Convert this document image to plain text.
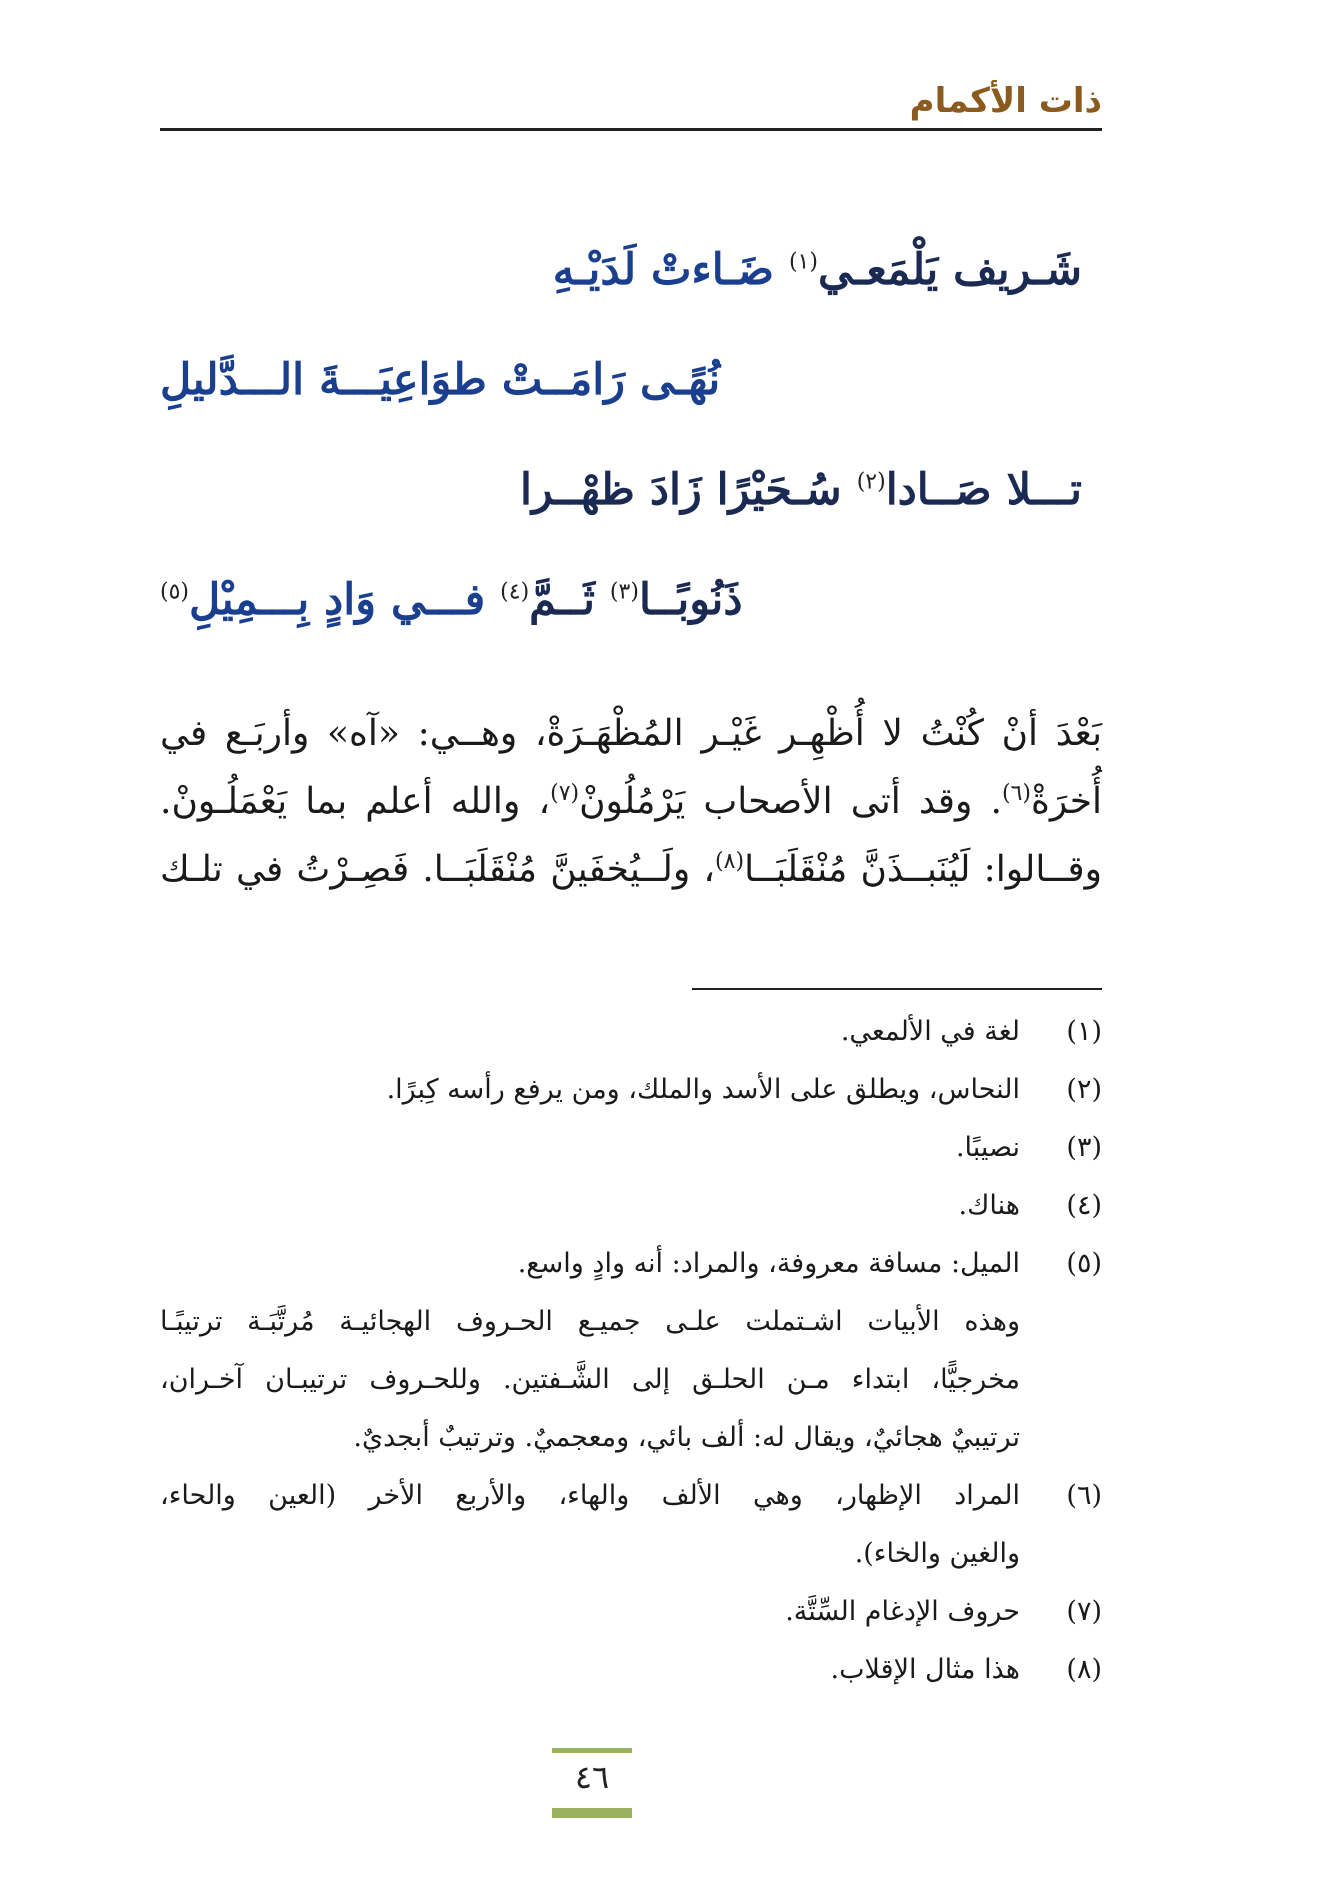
ذات الأكمام
شَـريف يَلْمَعـي$^{(١)}$ ضَـاءتْ لَدَيْـهِ
نُهًـى رَامَــتْ طوَاعِيَـــةَ الـــدَّليلِ
تـــلا صَــادا$^{(٢)}$ سُـحَيْرًا زَادَ ظهْــرا
ذَنُوبًــا$^{(٣)}$ ثَــمَّ$^{(٤)}$ فـــي وَادٍ بِـــمِيْلِ$^{(٥)}$

بَعْدَ أنْ كُنْتُ لا أُظْهِـر غَيْـر المُظْهَـرَةْ، وهــي: «آه» وأربَـع في

أُخرَةْ$^{(٦)}$. وقد أتى الأصحاب يَرْمُلُونْ$^{(٧)}$، والله أعلم بما يَعْمَلُـونْ.

وقــالوا: لَيُنَبــذَنَّ مُنْقَلَبَــا$^{(٨)}$، ولَــيُخفَينَّ مُنْقَلَبَــا. فَصِـرْتُ في تلـك

(١)
لغة في الألمعي.
(٢)
النحاس، ويطلق على الأسد والملك، ومن يرفع رأسه كِبرًا.
(٣)
نصيبًا.
(٤)
هناك.
(٥)
الميل: مسافة معروفة، والمراد: أنه وادٍ واسع.
وهذه الأبيات اشـتملت علـى جميـع الحـروف الهجائيـة مُرتَّبَـة ترتيبًـا
مخرجيًّا، ابتداء مـن الحلـق إلى الشَّـفتين. وللحـروف ترتيبـان آخـران،
ترتيبيٌ هجائيٌ، ويقال له: ألف بائي، ومعجميٌ. وترتيبٌ أبجديٌ.
(٦)
المراد الإظهار، وهي الألف والهاء، والأربع الأخر (العين والحاء،
والغين والخاء).
(٧)
حروف الإدغام السِّتَّة.
(٨)
هذا مثال الإقلاب.
٤٦
